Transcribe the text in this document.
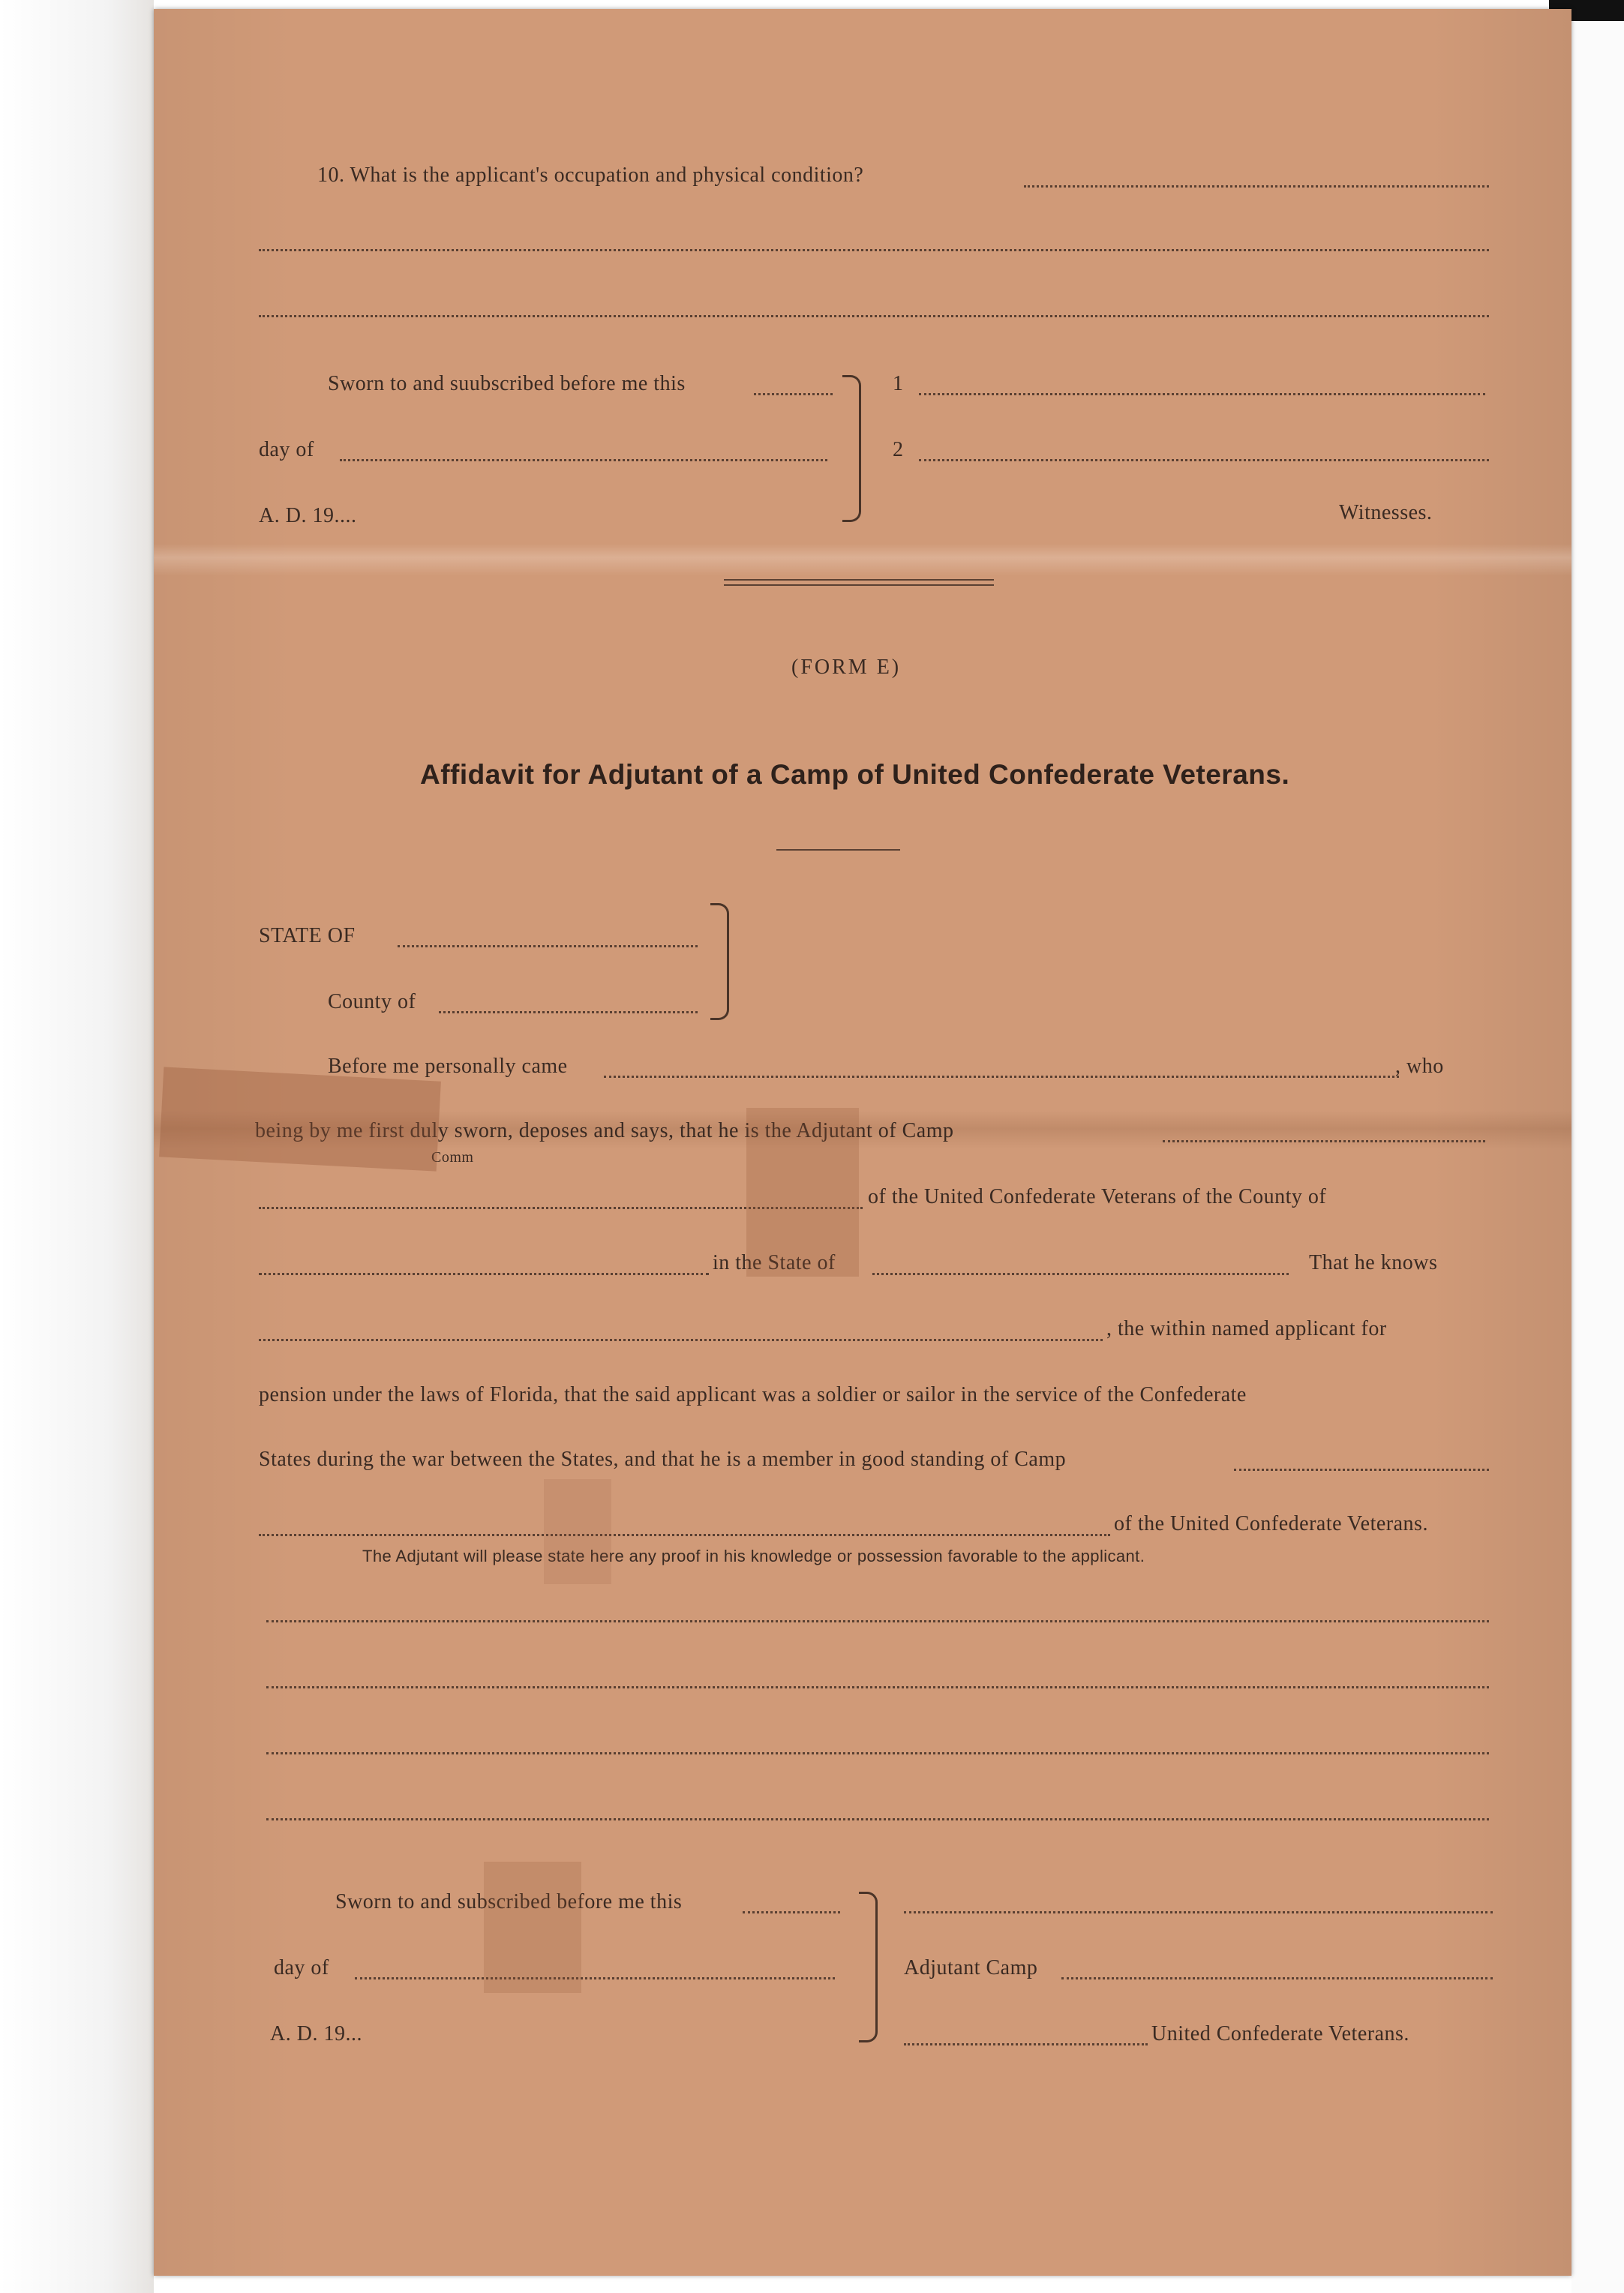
10. What is the applicant's occupation and physical condition?
Sworn to and suubscribed before me this
day of
A. D. 19....
1
2
Witnesses.
(FORM E)
Affidavit for Adjutant of a Camp of United Confederate Veterans.
STATE OF
County of
Before me personally came	, who
being by me first duly sworn, deposes and says, that he is the Adjutant of Camp
Comm
of the United Confederate Veterans of the County of
in the State of	That he knows
, the within named applicant for
pension under the laws of Florida, that the said applicant was a soldier or sailor in the service of the Confederate
States during the war between the States, and that he is a member in good standing of Camp
of the United Confederate Veterans.
The Adjutant will please state here any proof in his knowledge or possession favorable to the applicant.
Sworn to and subscribed before me this
day of
A. D. 19...
Adjutant Camp
United Confederate Veterans.
